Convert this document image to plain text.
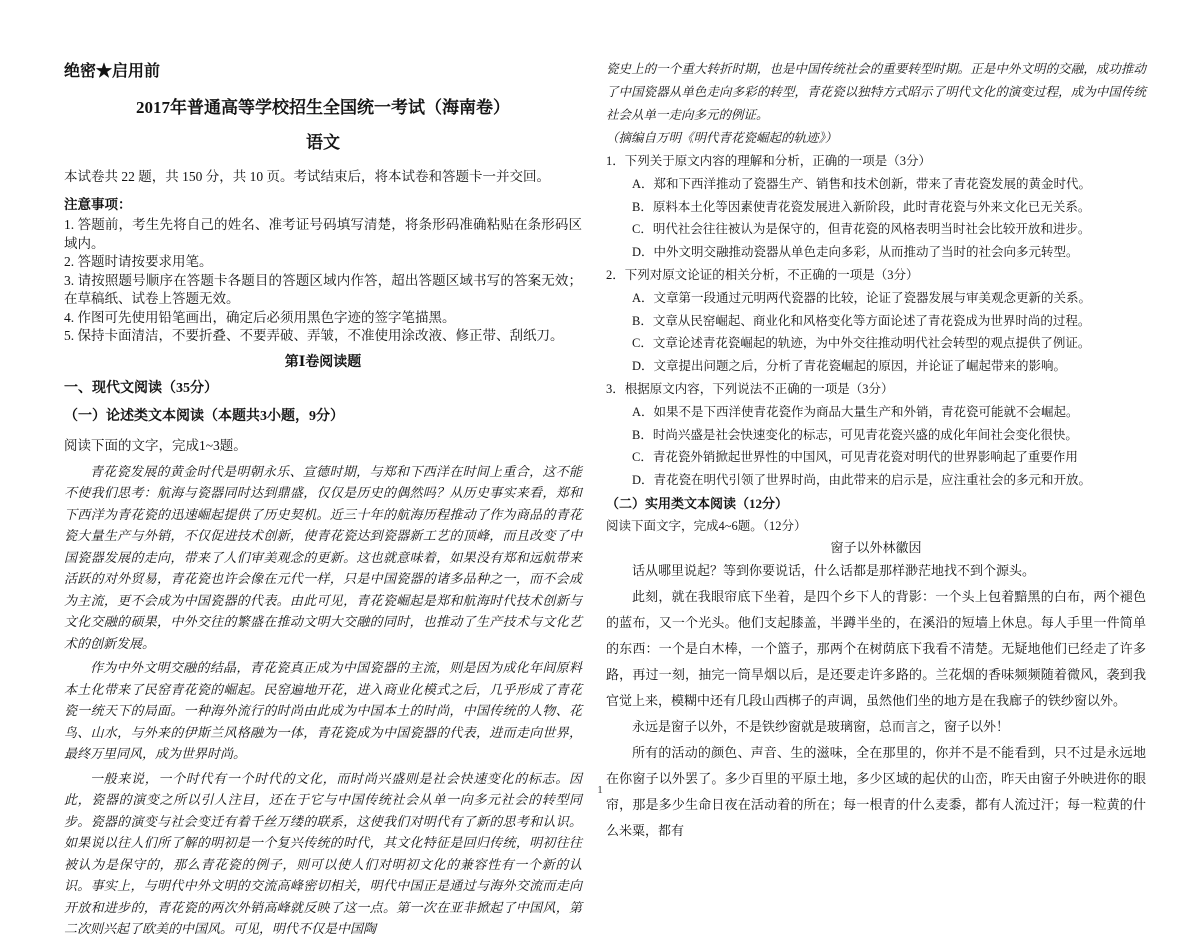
绝密★启用前
2017年普通高等学校招生全国统一考试（海南卷）
语文
本试卷共 22 题，共 150 分，共 10 页。考试结束后，将本试卷和答题卡一并交回。
注意事项：
1. 答题前，考生先将自己的姓名、准考证号码填写清楚，将条形码准确粘贴在条形码区域内。
2. 答题时请按要求用笔。
3. 请按照题号顺序在答题卡各题目的答题区域内作答，超出答题区域书写的答案无效；在草稿纸、试卷上答题无效。
4. 作图可先使用铅笔画出，确定后必须用黑色字迹的签字笔描黑。
5. 保持卡面清洁，不要折叠、不要弄破、弄皱，不准使用涂改液、修正带、刮纸刀。
第Ⅰ卷阅读题
一、现代文阅读（35分）
（一）论述类文本阅读（本题共3小题，9分）
阅读下面的文字，完成1~3题。

青花瓷发展的黄金时代是明朝永乐、宣德时期，与郑和下西洋在时间上重合，这不能不使我们思考：航海与瓷器同时达到鼎盛，仅仅是历史的偶然吗？从历史事实来看，郑和下西洋为青花瓷的迅速崛起提供了历史契机。近三十年的航海历程推动了作为商品的青花瓷大量生产与外销，不仅促进技术创新，使青花瓷达到瓷器新工艺的顶峰，而且改变了中国瓷器发展的走向，带来了人们审美观念的更新。这也就意味着，如果没有郑和远航带来活跃的对外贸易，青花瓷也许会像在元代一样，只是中国瓷器的诸多品种之一，而不会成为主流，更不会成为中国瓷器的代表。由此可见，青花瓷崛起是郑和航海时代技术创新与文化交融的硕果，中外交往的繁盛在推动文明大交融的同时，也推动了生产技术与文化艺术的创新发展。

作为中外文明交融的结晶，青花瓷真正成为中国瓷器的主流，则是因为成化年间原料本土化带来了民窑青花瓷的崛起。民窑遍地开花，进入商业化模式之后，几乎形成了青花瓷一统天下的局面。一种海外流行的时尚由此成为中国本土的时尚，中国传统的人物、花鸟、山水，与外来的伊斯兰风格融为一体，青花瓷成为中国瓷器的代表，进而走向世界，最终万里同风，成为世界时尚。

一般来说，一个时代有一个时代的文化，而时尚兴盛则是社会快速变化的标志。因此，瓷器的演变之所以引人注目，还在于它与中国传统社会从单一向多元社会的转型同步。瓷器的演变与社会变迁有着千丝万缕的联系，这使我们对明代有了新的思考和认识。如果说以往人们所了解的明初是一个复兴传统的时代，其文化特征是回归传统，明初往往被认为是保守的，那么青花瓷的例子，则可以使人们对明初文化的兼容性有一个新的认识。事实上，与明代中外文明的交流高峰密切相关，明代中国正是通过与海外交流而走向开放和进步的，青花瓷的两次外销高峰就反映了这一点。第一次在亚非掀起了中国风，第二次则兴起了欧美的中国风。可见，明代不仅是中国陶

瓷史上的一个重大转折时期，也是中国传统社会的重要转型时期。正是中外文明的交融，成功推动了中国瓷器从单色走向多彩的转型，青花瓷以独特方式昭示了明代文化的演变过程，成为中国传统社会从单一走向多元的例证。

（摘编自万明《明代青花瓷崛起的轨迹》）
1．下列关于原文内容的理解和分析，正确的一项是（3分）
A．郑和下西洋推动了瓷器生产、销售和技术创新，带来了青花瓷发展的黄金时代。
B．原料本土化等因素使青花瓷发展进入新阶段，此时青花瓷与外来文化已无关系。
C．明代社会往往被认为是保守的，但青花瓷的风格表明当时社会比较开放和进步。
D．中外文明交融推动瓷器从单色走向多彩，从而推动了当时的社会向多元转型。
2．下列对原文论证的相关分析，不正确的一项是（3分）
A．文章第一段通过元明两代瓷器的比较，论证了瓷器发展与审美观念更新的关系。
B．文章从民窑崛起、商业化和风格变化等方面论述了青花瓷成为世界时尚的过程。
C．文章论述青花瓷崛起的轨迹，为中外交往推动明代社会转型的观点提供了例证。
D．文章提出问题之后，分析了青花瓷崛起的原因，并论证了崛起带来的影响。
3．根据原文内容，下列说法不正确的一项是（3分）
A．如果不是下西洋使青花瓷作为商品大量生产和外销，青花瓷可能就不会崛起。
B．时尚兴盛是社会快速变化的标志，可见青花瓷兴盛的成化年间社会变化很快。
C．青花瓷外销掀起世界性的中国风，可见青花瓷对明代的世界影响起了重要作用
D．青花瓷在明代引领了世界时尚，由此带来的启示是，应注重社会的多元和开放。
（二）实用类文本阅读（12分）
阅读下面文字，完成4~6题。（12分）
窗子以外林徽因

话从哪里说起？等到你要说话，什么话都是那样渺茫地找不到个源头。

此刻，就在我眼帘底下坐着，是四个乡下人的背影：一个头上包着黯黑的白布，两个褪色的蓝布，又一个光头。他们支起膝盖，半蹲半坐的，在溪沿的短墙上休息。每人手里一件简单的东西：一个是白木棒，一个篮子，那两个在树荫底下我看不清楚。无疑地他们已经走了许多路，再过一刻，抽完一筒旱烟以后，是还要走许多路的。兰花烟的香味频频随着微风，袭到我官觉上来，模糊中还有几段山西梆子的声调，虽然他们坐的地方是在我廊子的铁纱窗以外。

永远是窗子以外，不是铁纱窗就是玻璃窗，总而言之，窗子以外！

所有的活动的颜色、声音、生的滋味，全在那里的，你并不是不能看到，只不过是永远地在你窗子以外罢了。多少百里的平原土地，多少区域的起伏的山峦，昨天由窗子外映进你的眼帘，那是多少生命日夜在活动着的所在；每一根青的什么麦黍，都有人流过汗；每一粒黄的什么米粟，都有

1
